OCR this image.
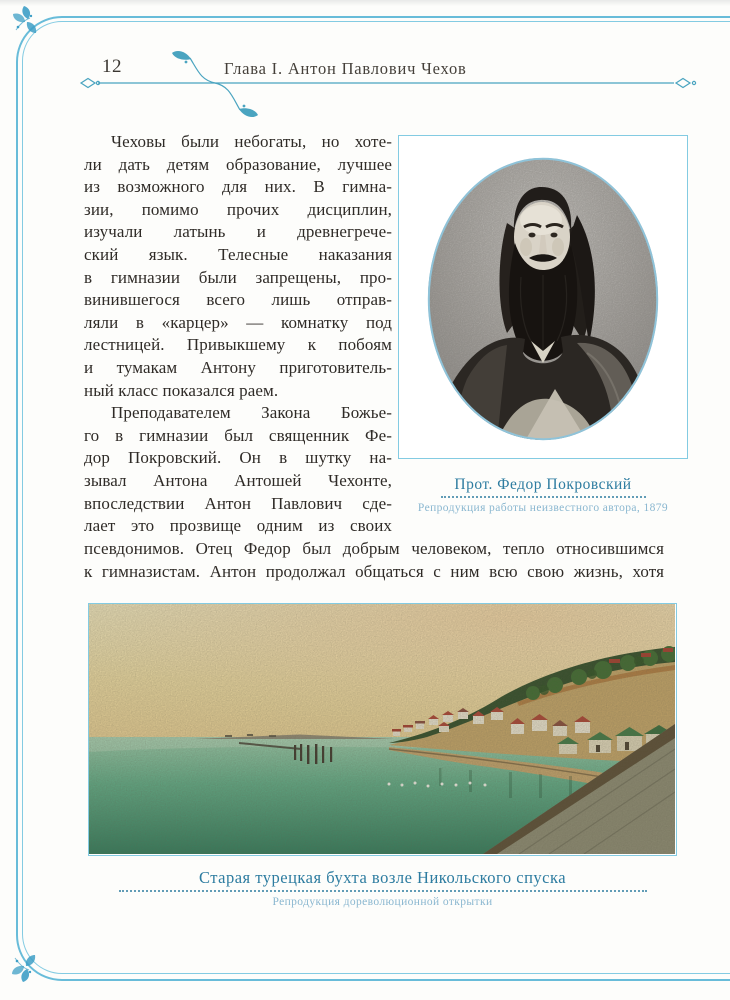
12	Глава I. Антон Павлович Чехов
Чеховы были небогаты, но хоте-
ли дать детям образование, лучшее
из возможного для них. В гимна-
зии, помимо прочих дисциплин,
изучали латынь и древнегрече-
ский язык. Телесные наказания
в гимназии были запрещены, про-
винившегося всего лишь отправ-
ляли в «карцер» — комнатку под
лестницей. Привыкшему к побоям
и тумакам Антону приготовитель-
ный класс показался раем.
Преподавателем Закона Божье-
го в гимназии был священник Фе-
дор Покровский. Он в шутку на-
зывал Антона Антошей Чехонте,
впоследствии Антон Павлович сде-
лает это прозвище одним из своих
псевдонимов. Отец Федор был добрым человеком, тепло относившимся
к гимназистам. Антон продолжал общаться с ним всю свою жизнь, хотя
Прот. Федор Покровский
Репродукция работы неизвестного автора, 1879
Старая турецкая бухта возле Никольского спуска
Репродукция дореволюционной открытки
